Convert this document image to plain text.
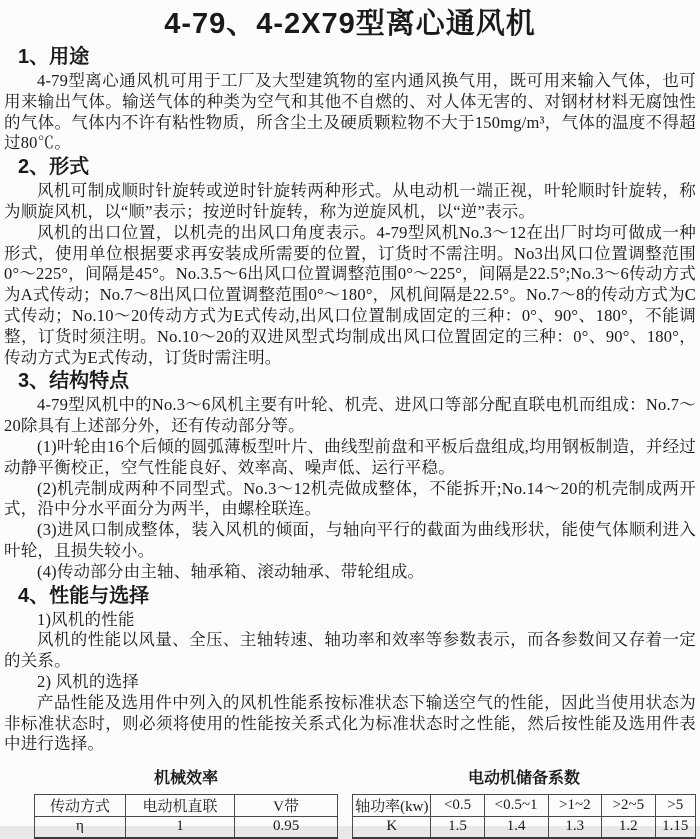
4-79、4-2X79型离心通风机
1、用途

4-79型离心通风机可用于工厂及大型建筑物的室内通风换气用，既可用来输入气体，也可用来输出气体。输送气体的种类为空气和其他不自燃的、对人体无害的、对钢材材料无腐蚀性的气体。气体内不许有粘性物质，所含尘土及硬质颗粒物不大于150mg/m³，气体的温度不得超过80℃。

2、形式

风机可制成顺时针旋转或逆时针旋转两种形式。从电动机一端正视，叶轮顺时针旋转，称为顺旋风机，以“顺”表示；按逆时针旋转，称为逆旋风机，以“逆”表示。

风机的出口位置，以机壳的出风口角度表示。4-79型风机No.3～12在出厂时均可做成一种形式，使用单位根据要求再安装成所需要的位置，订货时不需注明。No3出风口位置调整范围0°～225°，间隔是45°。No.3.5～6出风口位置调整范围0°～225°，间隔是22.5°;No.3～6传动方式为A式传动；No.7～8出风口位置调整范围0°～180°，风机间隔是22.5°。No.7～8的传动方式为C式传动；No.10～20传动方式为E式传动,出风口位置制成固定的三种：0°、90°、180°，不能调整，订货时须注明。No.10～20的双进风型式均制成出风口位置固定的三种：0°、90°、180°，传动方式为E式传动，订货时需注明。

3、结构特点

4-79型风机中的No.3～6风机主要有叶轮、机壳、进风口等部分配直联电机而组成：No.7～20除具有上述部分外，还有传动部分等。

(1)叶轮由16个后倾的圆弧薄板型叶片、曲线型前盘和平板后盘组成,均用钢板制造，并经过动静平衡校正，空气性能良好、效率高、噪声低、运行平稳。

(2)机壳制成两种不同型式。No.3～12机壳做成整体，不能拆开;No.14～20的机壳制成两开式，沿中分水平面分为两半，由螺栓联连。

(3)进风口制成整体，装入风机的倾面，与轴向平行的截面为曲线形状，能使气体顺利进入叶轮，且损失较小。

(4)传动部分由主轴、轴承箱、滚动轴承、带轮组成。

4、性能与选择

1)风机的性能

风机的性能以风量、全压、主轴转速、轴功率和效率等参数表示，而各参数间又存着一定的关系。

2) 风机的选择

产品性能及选用件中列入的风机性能系按标准状态下输送空气的性能，因此当使用状态为非标准状态时，则必须将使用的性能按关系式化为标准状态时之性能，然后按性能及选用件表中进行选择。

机械效率
传动方式	电动机直联	V带
η	1	0.95
电动机储备系数
轴功率(kw)	<0.5	<0.5~1	>1~2	>2~5	>5
K	1.5	1.4	1.3	1.2	1.15
